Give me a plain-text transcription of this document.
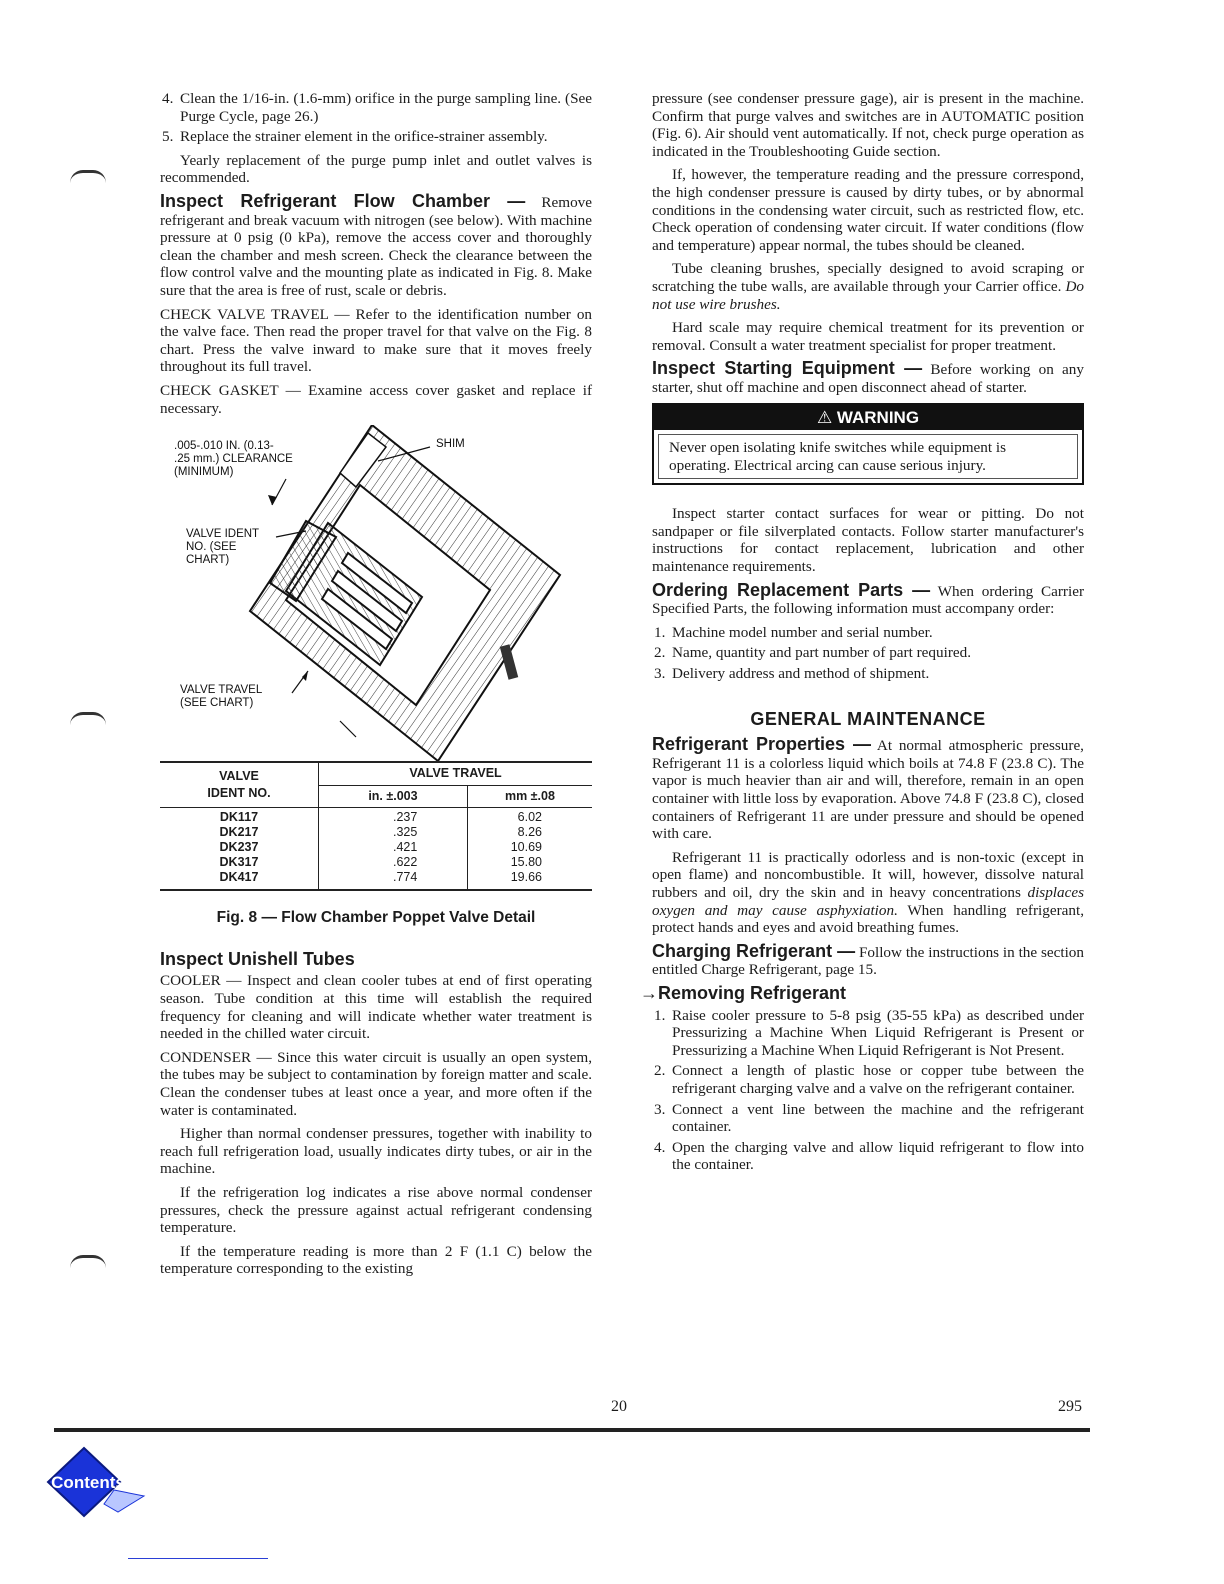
4. Clean the 1/16-in. (1.6-mm) orifice in the purge sampling line. (See Purge Cycle, page 26.)
5. Replace the strainer element in the orifice-strainer assembly.

Yearly replacement of the purge pump inlet and outlet valves is recommended.

Inspect Refrigerant Flow Chamber — Remove refrigerant and break vacuum with nitrogen (see below). With machine pressure at 0 psig (0 kPa), remove the access cover and thoroughly clean the chamber and mesh screen. Check the clearance between the flow control valve and the mounting plate as indicated in Fig. 8. Make sure that the area is free of rust, scale or debris.

CHECK VALVE TRAVEL — Refer to the identification number on the valve face. Then read the proper travel for that valve on the Fig. 8 chart. Press the valve inward to make sure that it moves freely throughout its full travel.

CHECK GASKET — Examine access cover gasket and replace if necessary.

.005-.010 IN. (0.13-
.25 mm.) CLEARANCE
(MINIMUM)
SHIM
VALVE IDENT
NO. (SEE
CHART)
VALVE TRAVEL
(SEE CHART)
VALVE
IDENT NO.	VALVE TRAVEL	
	in. ±.003	mm ±.08
DK117	.237	6.02
DK217	.325	8.26
DK237	.421	10.69
DK317	.622	15.80
DK417	.774	19.66
Fig. 8 — Flow Chamber Poppet Valve Detail
Inspect Unishell Tubes

COOLER — Inspect and clean cooler tubes at end of first operating season. Tube condition at this time will establish the required frequency for cleaning and will indicate whether water treatment is needed in the chilled water circuit.

CONDENSER — Since this water circuit is usually an open system, the tubes may be subject to contamination by foreign matter and scale. Clean the condenser tubes at least once a year, and more often if the water is contaminated.

Higher than normal condenser pressures, together with inability to reach full refrigeration load, usually indicates dirty tubes, or air in the machine.

If the refrigeration log indicates a rise above normal condenser pressures, check the pressure against actual refrigerant condensing temperature.

If the temperature reading is more than 2 F (1.1 C) below the temperature corresponding to the existing

pressure (see condenser pressure gage), air is present in the machine. Confirm that purge valves and switches are in AUTOMATIC position (Fig. 6). Air should vent automatically. If not, check purge operation as indicated in the Troubleshooting Guide section.

If, however, the temperature reading and the pressure correspond, the high condenser pressure is caused by dirty tubes, or by abnormal conditions in the condensing water circuit, such as restricted flow, etc. Check operation of condensing water circuit. If water conditions (flow and temperature) appear normal, the tubes should be cleaned.

Tube cleaning brushes, specially designed to avoid scraping or scratching the tube walls, are available through your Carrier office. Do not use wire brushes.

Hard scale may require chemical treatment for its prevention or removal. Consult a water treatment specialist for proper treatment.

Inspect Starting Equipment — Before working on any starter, shut off machine and open disconnect ahead of starter.

⚠ WARNING
Never open isolating knife switches while equipment is operating. Electrical arcing can cause serious injury.

Inspect starter contact surfaces for wear or pitting. Do not sandpaper or file silverplated contacts. Follow starter manufacturer's instructions for contact replacement, lubrication and other maintenance requirements.

Ordering Replacement Parts — When ordering Carrier Specified Parts, the following information must accompany order:

1. Machine model number and serial number.
2. Name, quantity and part number of part required.
3. Delivery address and method of shipment.
GENERAL MAINTENANCE

Refrigerant Properties — At normal atmospheric pressure, Refrigerant 11 is a colorless liquid which boils at 74.8 F (23.8 C). The vapor is much heavier than air and will, therefore, remain in an open container with little loss by evaporation. Above 74.8 F (23.8 C), closed containers of Refrigerant 11 are under pressure and should be opened with care.

Refrigerant 11 is practically odorless and is non-toxic (except in open flame) and noncombustible. It will, however, dissolve natural rubbers and oil, dry the skin and in heavy concentrations displaces oxygen and may cause asphyxiation. When handling refrigerant, protect hands and eyes and avoid breathing fumes.

Charging Refrigerant — Follow the instructions in the section entitled Charge Refrigerant, page 15.

→Removing Refrigerant
1. Raise cooler pressure to 5-8 psig (35-55 kPa) as described under Pressurizing a Machine When Liquid Refrigerant is Present or Pressurizing a Machine When Liquid Refrigerant is Not Present.
2. Connect a length of plastic hose or copper tube between the refrigerant charging valve and a valve on the refrigerant container.
3. Connect a vent line between the machine and the refrigerant container.
4. Open the charging valve and allow liquid refrigerant to flow into the container.
20	295
Contents
